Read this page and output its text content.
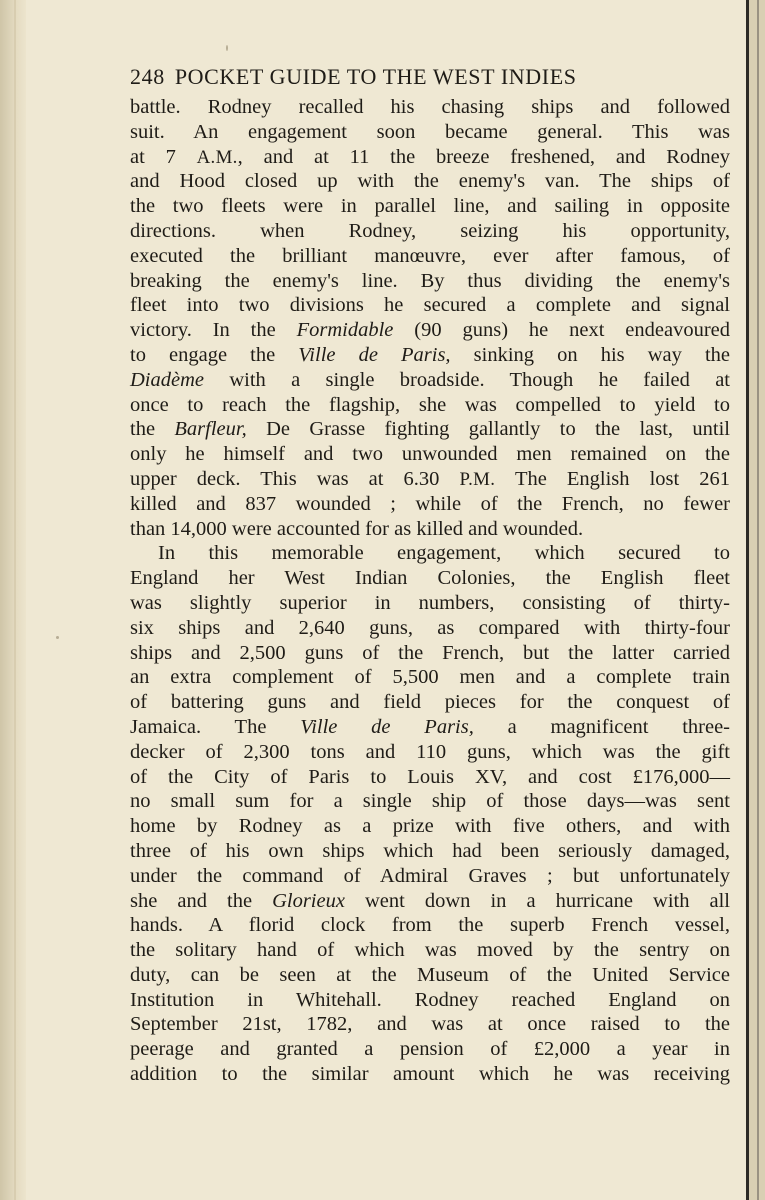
248 POCKET GUIDE TO THE WEST INDIES
battle. Rodney recalled his chasing ships and followed
suit. An engagement soon became general. This was
at 7 A.M., and at 11 the breeze freshened, and Rodney
and Hood closed up with the enemy's van. The ships of
the two fleets were in parallel line, and sailing in opposite
directions. when Rodney, seizing his opportunity,
executed the brilliant manœuvre, ever after famous, of
breaking the enemy's line. By thus dividing the enemy's
fleet into two divisions he secured a complete and signal
victory. In the Formidable (90 guns) he next endeavoured
to engage the Ville de Paris, sinking on his way the
Diadème with a single broadside. Though he failed at
once to reach the flagship, she was compelled to yield to
the Barfleur, De Grasse fighting gallantly to the last, until
only he himself and two unwounded men remained on the
upper deck. This was at 6.30 P.M. The English lost 261
killed and 837 wounded ; while of the French, no fewer
than 14,000 were accounted for as killed and wounded.
In this memorable engagement, which secured to
England her West Indian Colonies, the English fleet
was slightly superior in numbers, consisting of thirty-
six ships and 2,640 guns, as compared with thirty-four
ships and 2,500 guns of the French, but the latter carried
an extra complement of 5,500 men and a complete train
of battering guns and field pieces for the conquest of
Jamaica. The Ville de Paris, a magnificent three-
decker of 2,300 tons and 110 guns, which was the gift
of the City of Paris to Louis XV, and cost £176,000—
no small sum for a single ship of those days—was sent
home by Rodney as a prize with five others, and with
three of his own ships which had been seriously damaged,
under the command of Admiral Graves ; but unfortunately
she and the Glorieux went down in a hurricane with all
hands. A florid clock from the superb French vessel,
the solitary hand of which was moved by the sentry on
duty, can be seen at the Museum of the United Service
Institution in Whitehall. Rodney reached England on
September 21st, 1782, and was at once raised to the
peerage and granted a pension of £2,000 a year in
addition to the similar amount which he was receiving
